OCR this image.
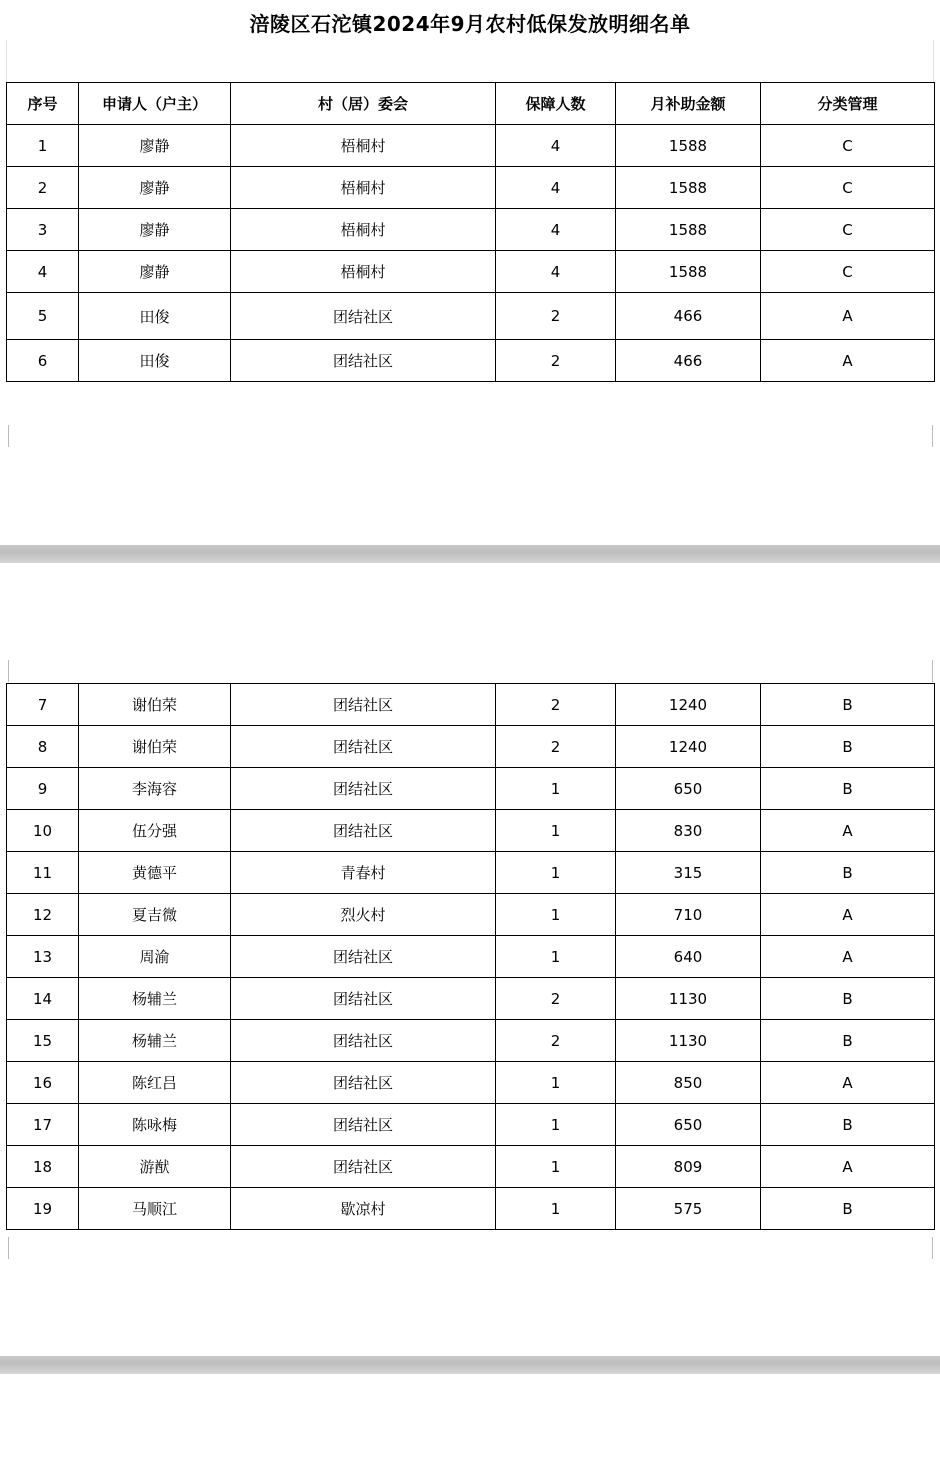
涪陵区石沱镇2024年9月农村低保发放明细名单
序号	申请人（户主）	村（居）委会	保障人数	月补助金额	分类管理
1	廖静	梧桐村	4	1588	C
2	廖静	梧桐村	4	1588	C
3	廖静	梧桐村	4	1588	C
4	廖静	梧桐村	4	1588	C
5	田俊	团结社区	2	466	A
6	田俊	团结社区	2	466	A
7	谢伯荣	团结社区	2	1240	B
8	谢伯荣	团结社区	2	1240	B
9	李海容	团结社区	1	650	B
10	伍分强	团结社区	1	830	A
11	黄德平	青春村	1	315	B
12	夏吉微	烈火村	1	710	A
13	周渝	团结社区	1	640	A
14	杨辅兰	团结社区	2	1130	B
15	杨辅兰	团结社区	2	1130	B
16	陈红吕	团结社区	1	850	A
17	陈咏梅	团结社区	1	650	B
18	游猷	团结社区	1	809	A
19	马顺江	歇凉村	1	575	B
